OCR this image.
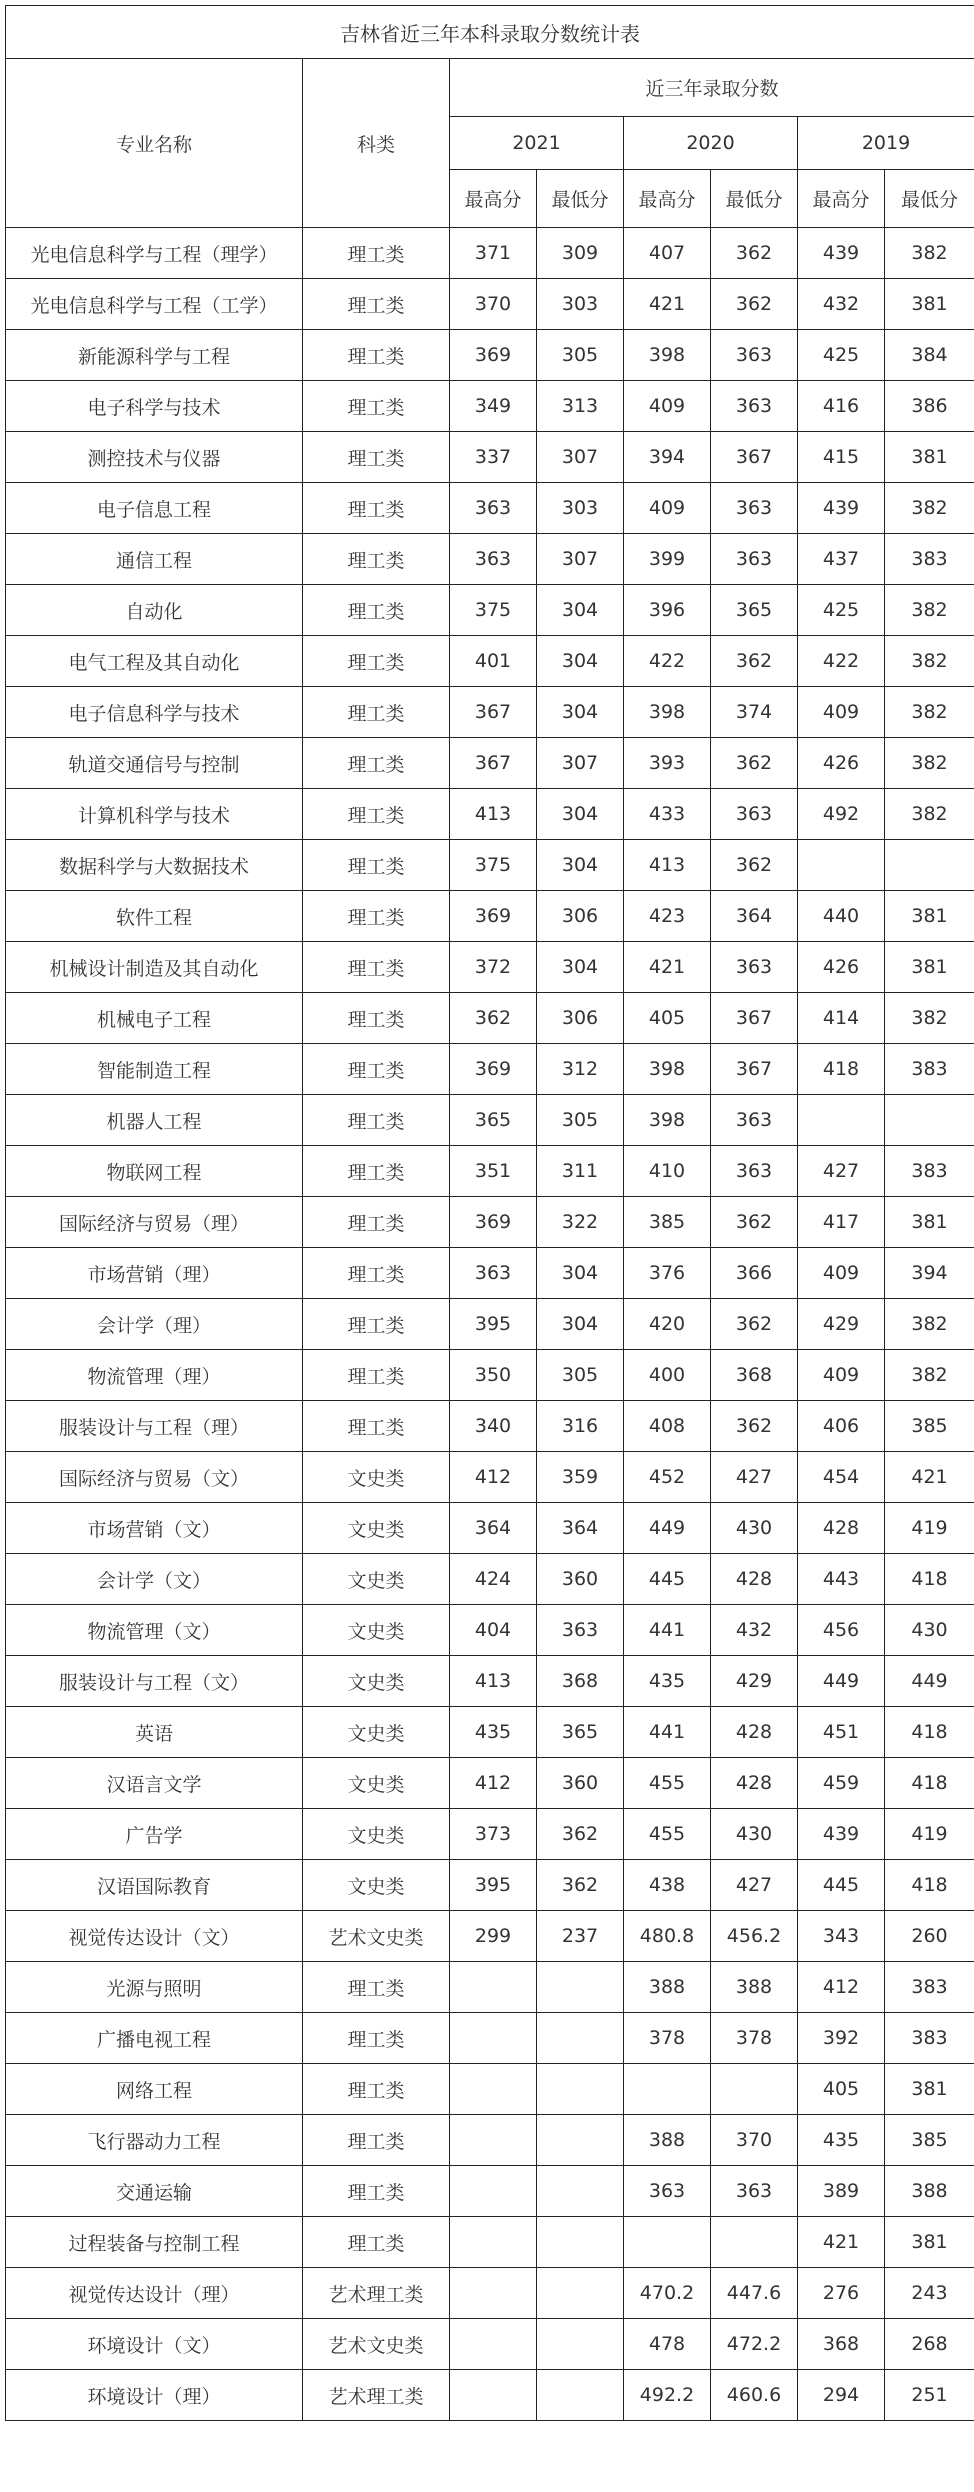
吉林省近三年本科录取分数统计表							
专业名称	科类	近三年录取分数					
		2021		2020		2019	
		最高分	最低分	最高分	最低分	最高分	最低分
光电信息科学与工程（理学）	理工类	371	309	407	362	439	382
光电信息科学与工程（工学）	理工类	370	303	421	362	432	381
新能源科学与工程	理工类	369	305	398	363	425	384
电子科学与技术	理工类	349	313	409	363	416	386
测控技术与仪器	理工类	337	307	394	367	415	381
电子信息工程	理工类	363	303	409	363	439	382
通信工程	理工类	363	307	399	363	437	383
自动化	理工类	375	304	396	365	425	382
电气工程及其自动化	理工类	401	304	422	362	422	382
电子信息科学与技术	理工类	367	304	398	374	409	382
轨道交通信号与控制	理工类	367	307	393	362	426	382
计算机科学与技术	理工类	413	304	433	363	492	382
数据科学与大数据技术	理工类	375	304	413	362		
软件工程	理工类	369	306	423	364	440	381
机械设计制造及其自动化	理工类	372	304	421	363	426	381
机械电子工程	理工类	362	306	405	367	414	382
智能制造工程	理工类	369	312	398	367	418	383
机器人工程	理工类	365	305	398	363		
物联网工程	理工类	351	311	410	363	427	383
国际经济与贸易（理）	理工类	369	322	385	362	417	381
市场营销（理）	理工类	363	304	376	366	409	394
会计学（理）	理工类	395	304	420	362	429	382
物流管理（理）	理工类	350	305	400	368	409	382
服装设计与工程（理）	理工类	340	316	408	362	406	385
国际经济与贸易（文）	文史类	412	359	452	427	454	421
市场营销（文）	文史类	364	364	449	430	428	419
会计学（文）	文史类	424	360	445	428	443	418
物流管理（文）	文史类	404	363	441	432	456	430
服装设计与工程（文）	文史类	413	368	435	429	449	449
英语	文史类	435	365	441	428	451	418
汉语言文学	文史类	412	360	455	428	459	418
广告学	文史类	373	362	455	430	439	419
汉语国际教育	文史类	395	362	438	427	445	418
视觉传达设计（文）	艺术文史类	299	237	480.8	456.2	343	260
光源与照明	理工类			388	388	412	383
广播电视工程	理工类			378	378	392	383
网络工程	理工类					405	381
飞行器动力工程	理工类			388	370	435	385
交通运输	理工类			363	363	389	388
过程装备与控制工程	理工类					421	381
视觉传达设计（理）	艺术理工类			470.2	447.6	276	243
环境设计（文）	艺术文史类			478	472.2	368	268
环境设计（理）	艺术理工类			492.2	460.6	294	251
